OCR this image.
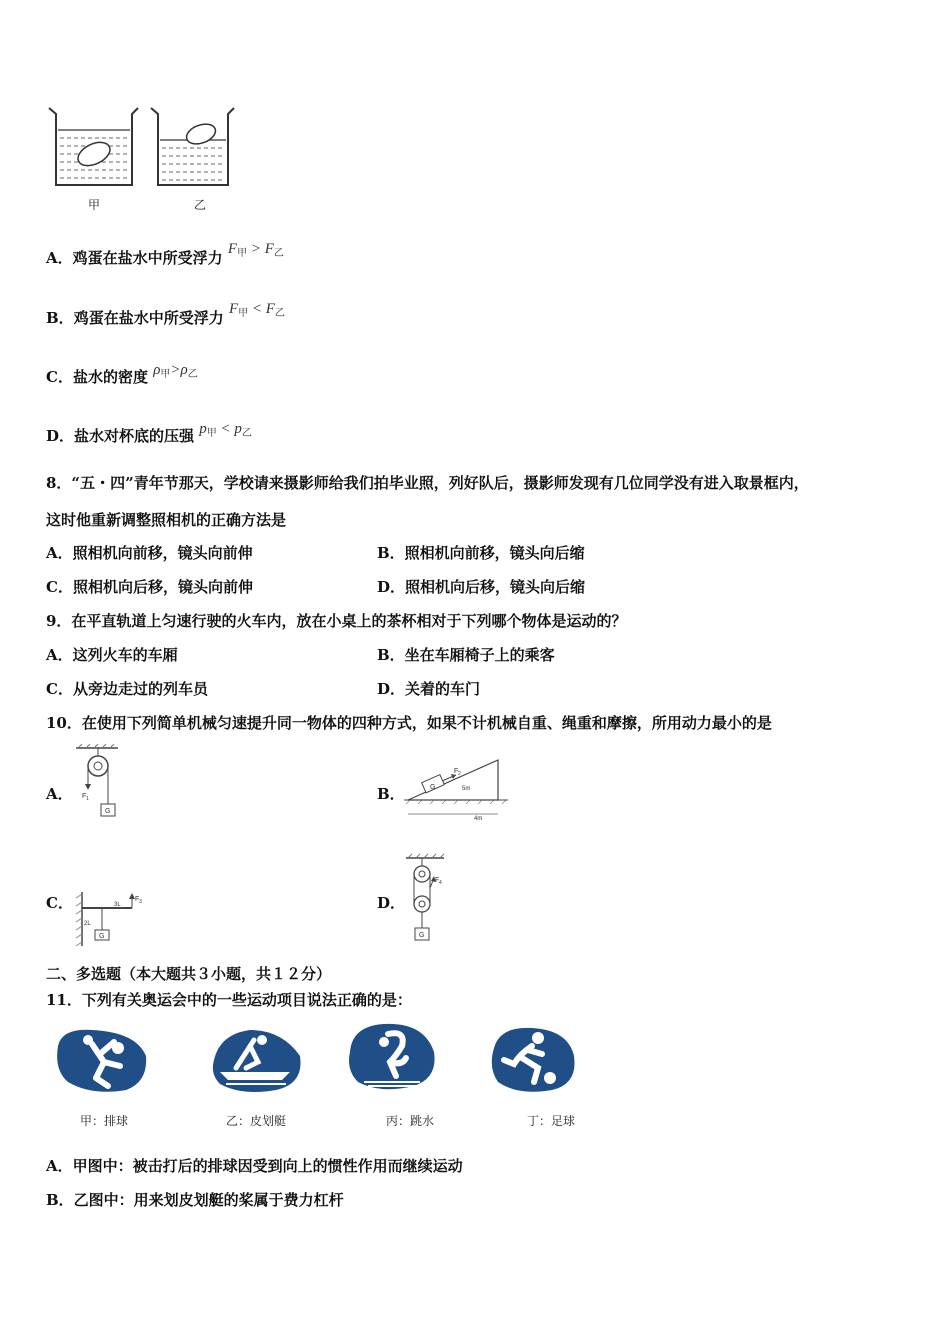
甲	乙
A．鸡蛋在盐水中所受浮力 $F_甲 > F_乙$
B．鸡蛋在盐水中所受浮力 $F_甲 < F_乙$
C．盐水的密度 $\rho_甲>\rho_乙$
D．盐水对杯底的压强 $p_甲 < p_乙$
8．“五・四”青年节那天，学校请来摄影师给我们拍毕业照，列好队后，摄影师发现有几位同学没有进入取景框内，
这时他重新调整照相机的正确方法是
A．照相机向前移，镜头向前伸	B．照相机向前移，镜头向后缩
C．照相机向后移，镜头向前伸	D．照相机向后移，镜头向后缩
9．在平直轨道上匀速行驶的火车内，放在小桌上的茶杯相对于下列哪个物体是运动的？
A．这列火车的车厢	B．坐在车厢椅子上的乘客
C．从旁边走过的列车员	D．关着的车门
10．在使用下列简单机械匀速提升同一物体的四种方式，如果不计机械自重、绳重和摩擦，所用动力最小的是
A． F 1
G
B．	G
F 2
5m
4m
C．
2L
3L
F 3
G
D．
F 4
G
二、多选题（本大题共３小题，共１２分）
11．下列有关奥运会中的一些运动项目说法正确的是：
甲：排球	乙：皮划艇	丙：跳水	丁：足球
A．甲图中：被击打后的排球因受到向上的惯性作用而继续运动
B．乙图中：用来划皮划艇的桨属于费力杠杆
